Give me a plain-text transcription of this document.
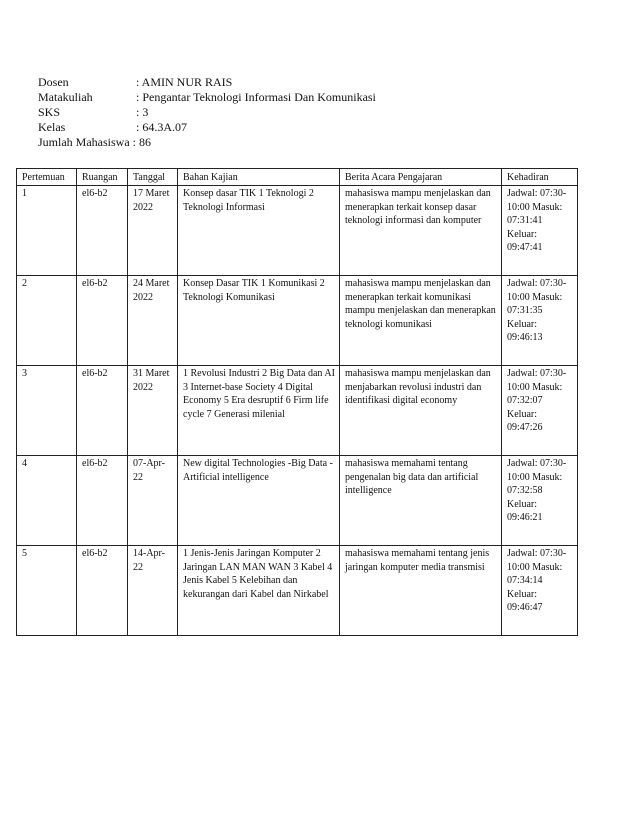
Dosen	: AMIN NUR RAIS
Matakuliah	: Pengantar Teknologi Informasi Dan Komunikasi
SKS	: 3
Kelas	: 64.3A.07
Jumlah Mahasiswa : 86
Pertemuan	Ruangan	Tanggal	Bahan Kajian	Berita Acara Pengajaran	Kehadiran
1	el6-b2	17 Maret 2022	Konsep dasar TIK 1 Teknologi 2 Teknologi Informasi	mahasiswa mampu menjelaskan dan menerapkan terkait konsep dasar teknologi informasi dan komputer	Jadwal: 07:30-10:00 Masuk: 07:31:41 Keluar: 09:47:41
2	el6-b2	24 Maret 2022	Konsep Dasar TIK 1 Komunikasi 2 Teknologi Komunikasi	mahasiswa mampu menjelaskan dan menerapkan terkait komunikasi mampu menjelaskan dan menerapkan teknologi komunikasi	Jadwal: 07:30-10:00 Masuk: 07:31:35 Keluar: 09:46:13
3	el6-b2	31 Maret 2022	1 Revolusi Industri 2 Big Data dan AI 3 Internet-base Society 4 Digital Economy 5 Era desruptif 6 Firm life cycle 7 Generasi milenial	mahasiswa mampu menjelaskan dan menjabarkan revolusi industri dan identifikasi digital economy	Jadwal: 07:30-10:00 Masuk: 07:32:07 Keluar: 09:47:26
4	el6-b2	07-Apr-22	New digital Technologies -Big Data -Artificial intelligence	mahasiswa memahami tentang pengenalan big data dan artificial intelligence	Jadwal: 07:30-10:00 Masuk: 07:32:58 Keluar: 09:46:21
5	el6-b2	14-Apr-22	1 Jenis-Jenis Jaringan Komputer 2 Jaringan LAN MAN WAN 3 Kabel 4 Jenis Kabel 5 Kelebihan dan kekurangan dari Kabel dan Nirkabel	mahasiswa memahami tentang jenis jaringan komputer media transmisi	Jadwal: 07:30-10:00 Masuk: 07:34:14 Keluar: 09:46:47
